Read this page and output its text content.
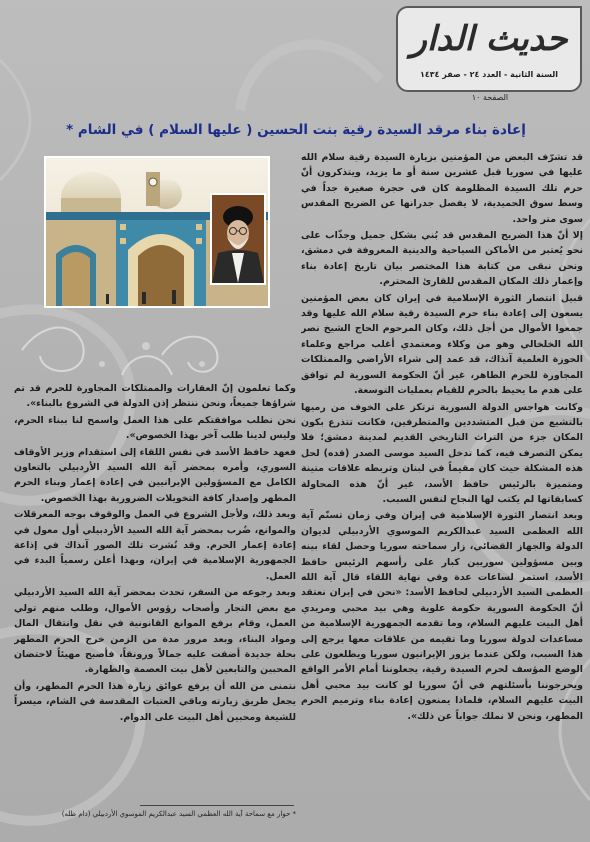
حديث الدار
السنة الثانية - العدد ٢٤ - صفر ١٤٣٤
الصفحة ١٠
إعادة بناء مرقد السيدة رقية بنت الحسين ( عليها السلام ) في الشام *

قد تشرّف البعض من المؤمنين بزيارة السيدة رقية سلام الله عليها في سوريا قبل عشرين سنة أو ما يزيد، ويتذكرون أنّ حرم تلك السيدة المظلومة كان في حجرة صغيرة جداً في وسط سوق الحميدية، لا يفصل جدرانها عن الضريح المقدس سوى متر واحد.

إلا أنّ هذا الضريح المقدس قد بُني بشكل جميل وجذّاب على نحو يُعتبر من الأماكن السياحية والدينية المعروفة في دمشق، ونحن نبقى من كتابة هذا المختصر بيان تاريخ إعادة بناء وإعمار ذلك المكان المقدس للقارئ المحترم.

قبيل انتصار الثورة الإسلامية في إيران كان بعض المؤمنين يسعون إلى إعادة بناء حرم السيدة رقية سلام الله عليها وقد جمعوا الأموال من أجل ذلك، وكان المرحوم الحاج الشيخ نصر الله الخلخالي وهو من وكلاء ومعتمدي أغلب مراجع وعلماء الحوزة العلمية آنذاك، قد عمد إلى شراء الأراضي والممتلكات المجاورة للحرم الطاهر، غير أنّ الحكومة السورية لم توافق على هدم ما يحيط بالحرم للقيام بعمليات التوسعة.

وكانت هواجس الدولة السورية ترتكز على الخوف من رميها بالتشيع من قبل المتشددين والمتطرفين، فكانت تتذرع بكون المكان جزء من التراث التاريخي القديم لمدينة دمشق؛ فلا يمكن التصرف فيه، كما تدخل السيد موسى الصدر (قده) لحل هذه المشكلة حيث كان مقيماً في لبنان وتربطه علاقات متينة ومتميزة بالرئيس حافظ الأسد، غير أنّ هذه المحاولة كسابقاتها لم يكتب لها النجاح لنفس السبب.

وبعد انتصار الثورة الإسلامية في إيران وفي زمان تسنّم آية الله العظمى السيد عبدالكريم الموسوي الأردبيلي لديوان الدولة والجهاز القضائي، زار سماحته سوريا وحصل لقاء بينه وبين مسؤولين سوريين كبار على رأسهم الرئيس حافظ الأسد، استمر لساعات عدة وفي نهاية اللقاء قال آية الله العظمى السيد الأردبيلي لحافظ الأسد: «نحن في إيران نعتقد أنّ الحكومة السورية حكومة علوية وهي بيد محبي ومريدي أهل البيت عليهم السلام، وما تقدمه الجمهورية الإسلامية من مساعدات لدولة سوريا وما تقيمه من علاقات معها يرجع إلى هذا السبب، ولكن عندما يزور الإيرانيون سوريا ويطلعون على الوضع المؤسف لحرم السيدة رقية، يجعلوننا أمام الأمر الواقع ويحرجوننا بأسئلتهم في أنّ سوريا لو كانت بيد محبي أهل البيت عليهم السلام، فلماذا يمنعون إعادة بناء وترميم الحرم المطهر، ونحن لا نملك جواباً عن ذلك».

وكما تعلمون إنّ العقارات والممتلكات المجاورة للحرم قد تم شراؤها جميعاً، ونحن ننتظر إذن الدولة في الشروع بالبناء».

نحن نطلب موافقتكم على هذا العمل واسمح لنا ببناء الحرم، وليس لدينا طلب آخر بهذا الخصوص».

فعهد حافظ الأسد في نفس اللقاء إلى استقدام وزير الأوقاف السوري، وأمره بمحضر آية الله السيد الأردبيلي بالتعاون الكامل مع المسؤولين الإيرانيين في إعادة إعمار وبناء الحرم المطهر وإصدار كافة التخويلات الضرورية بهذا الخصوص.

وبعد ذلك، ولأجل الشروع في العمل والوقوف بوجه المعرقلات والموانع، ضُرب بمحضر آية الله السيد الأردبيلي أول معول في إعادة إعمار الحرم. وقد نُشرت تلك الصور آنذاك في إذاعة الجمهورية الإسلامية في إيران، وبهذا أعلن رسمياً البدء في العمل.

وبعد رجوعه من السفر، تحدث بمحضر آية الله السيد الأردبيلي مع بعض التجار وأصحاب رؤوس الأموال، وطلب منهم تولي العمل، وقام برفع الموانع القانونية في نقل وانتقال المال ومواد البناء، وبعد مرور مدة من الزمن خرج الحرم المطهر بحلة جديدة أضفت عليه جمالاً ورونقاً، فأصبح مهيئاً لاحتضان المحبين والتابعين لأهل بيت العصمة والطهارة.

نتمنى من الله أن يرفع عوائق زيارة هذا الحرم المطهر، وأن يجعل طريق زيارته وباقي العتبات المقدسة في الشام، ميسراً للشيعة ومحبين أهل البيت على الدوام.

* حوار مع سماحة آية الله العظمى السيد عبدالكريم الموسوي الأردبيلي (دام ظله)
